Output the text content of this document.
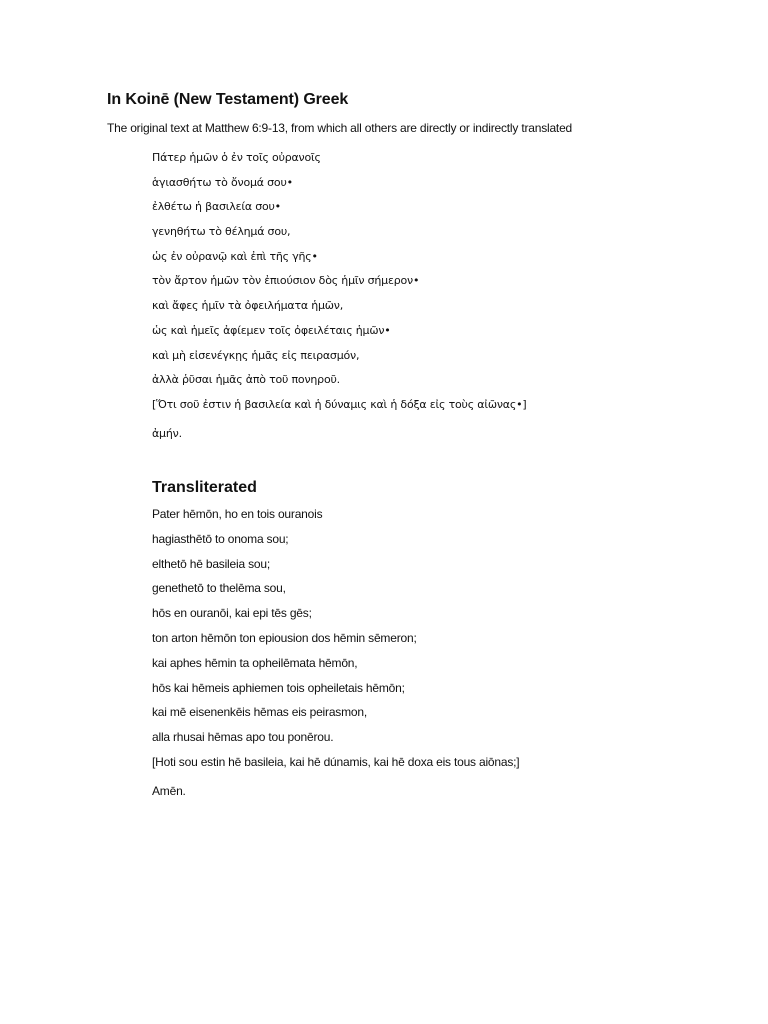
In Koinē (New Testament) Greek

The original text at Matthew 6:9-13, from which all others are directly or indirectly translated

Πάτερ ἡμῶν ὁ ἐν τοῖς οὐρανοῖς
ἁγιασθήτω τὸ ὄνομά σου•
ἐλθέτω ἡ βασιλεία σου•
γενηθήτω τὸ θέλημά σου,
ὡς ἐν οὐρανῷ καὶ ἐπὶ τῆς γῆς•
τὸν ἄρτον ἡμῶν τὸν ἐπιούσιον δὸς ἡμῖν σήμερον•
καὶ ἄφες ἡμῖν τὰ ὀφειλήματα ἡμῶν,
ὡς καὶ ἡμεῖς ἀφίεμεν τοῖς ὀφειλέταις ἡμῶν•
καὶ μὴ εἰσενέγκῃς ἡμᾶς εἰς πειρασμόν,
ἀλλὰ ῥῦσαι ἡμᾶς ἀπὸ τοῦ πονηροῦ.
[Ὅτι σοῦ ἐστιν ἡ βασιλεία καὶ ἡ δύναμις καὶ ἡ δόξα εἰς τοὺς αἰῶνας•]
ἀμήν.
Transliterated
Pater hēmōn, ho en tois ouranois
hagiasthētō to onoma sou;
elthetō hē basileia sou;
genethetō to thelēma sou,
hōs en ouranōi, kai epi tēs gēs;
ton arton hēmōn ton epiousion dos hēmin sēmeron;
kai aphes hēmin ta opheilēmata hēmōn,
hōs kai hēmeis aphiemen tois opheiletais hēmōn;
kai mē eisenenkēis hēmas eis peirasmon,
alla rhusai hēmas apo tou ponērou.
[Hoti sou estin hē basileia, kai hē dúnamis, kai hē doxa eis tous aiōnas;]
Amēn.
